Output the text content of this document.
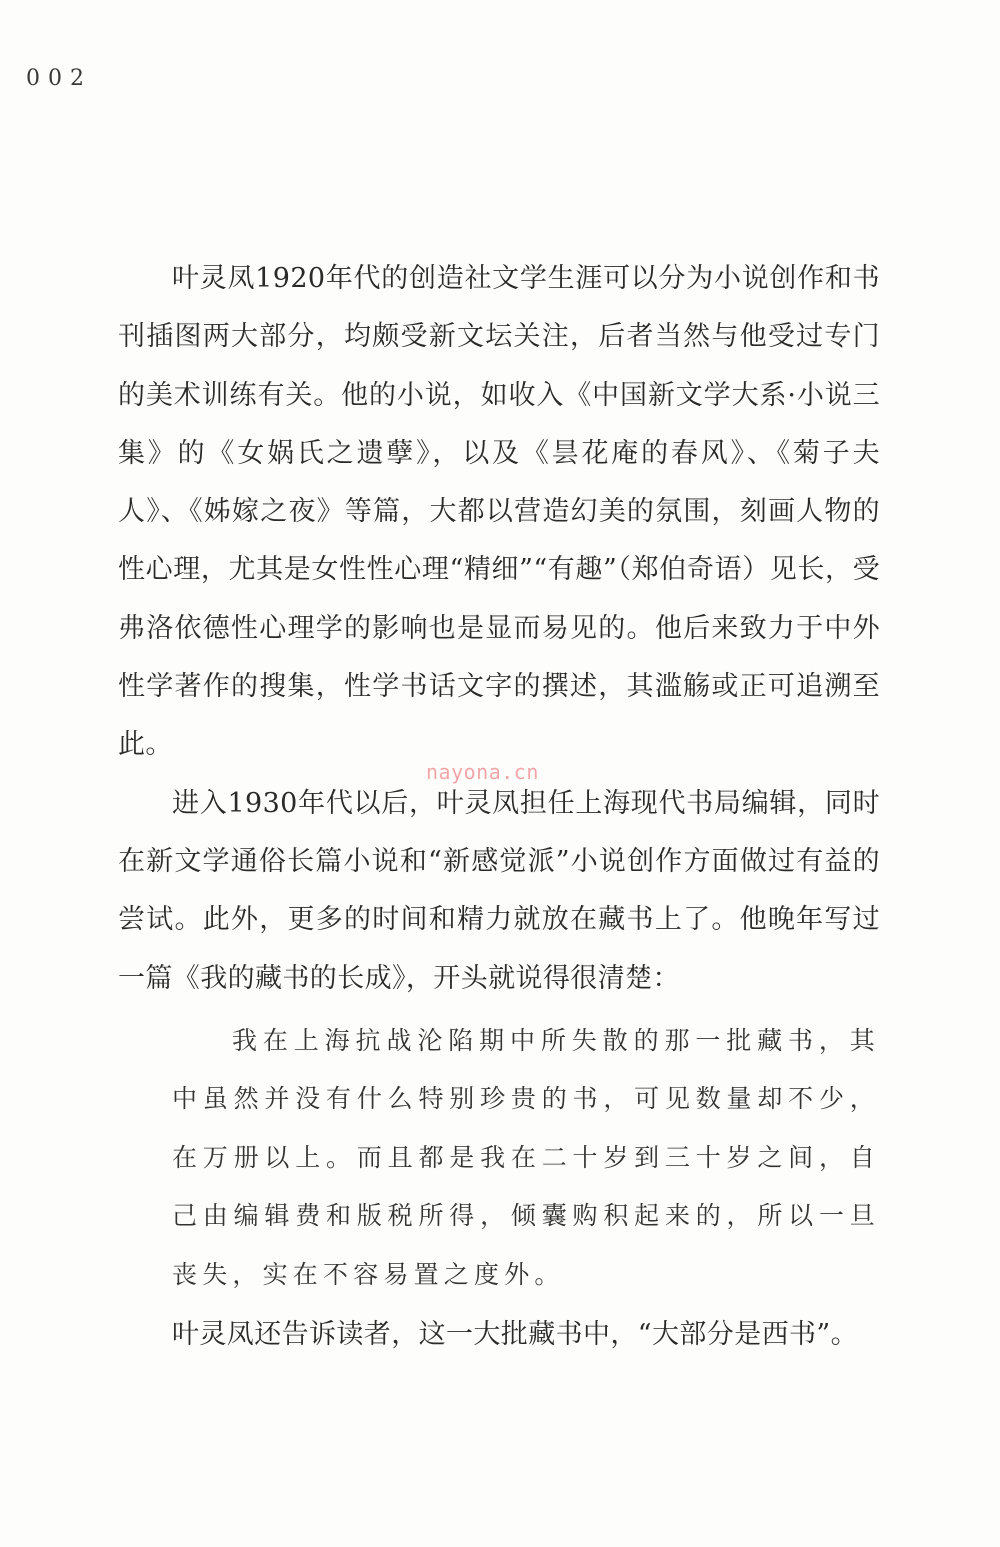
002

叶灵凤1920年代的创造社文学生涯可以分为小说创作和书刊插图两大部分，均颇受新文坛关注，后者当然与他受过专门的美术训练有关。他的小说，如收入《中国新文学大系·小说三集》的《女娲氏之遗孽》，以及《昙花庵的春风》、《菊子夫人》、《姊嫁之夜》等篇，大都以营造幻美的氛围，刻画人物的性心理，尤其是女性性心理“精细”“有趣”（郑伯奇语）见长，受弗洛依德性心理学的影响也是显而易见的。他后来致力于中外性学著作的搜集，性学书话文字的撰述，其滥觞或正可追溯至此。

进入1930年代以后，叶灵凤担任上海现代书局编辑，同时在新文学通俗长篇小说和“新感觉派”小说创作方面做过有益的尝试。此外，更多的时间和精力就放在藏书上了。他晚年写过一篇《我的藏书的长成》，开头就说得很清楚：

我在上海抗战沦陷期中所失散的那一批藏书，其中虽然并没有什么特别珍贵的书，可见数量却不少，在万册以上。而且都是我在二十岁到三十岁之间，自己由编辑费和版税所得，倾囊购积起来的，所以一旦丧失，实在不容易置之度外。

叶灵凤还告诉读者，这一大批藏书中，“大部分是西书”。

nayona.cn
